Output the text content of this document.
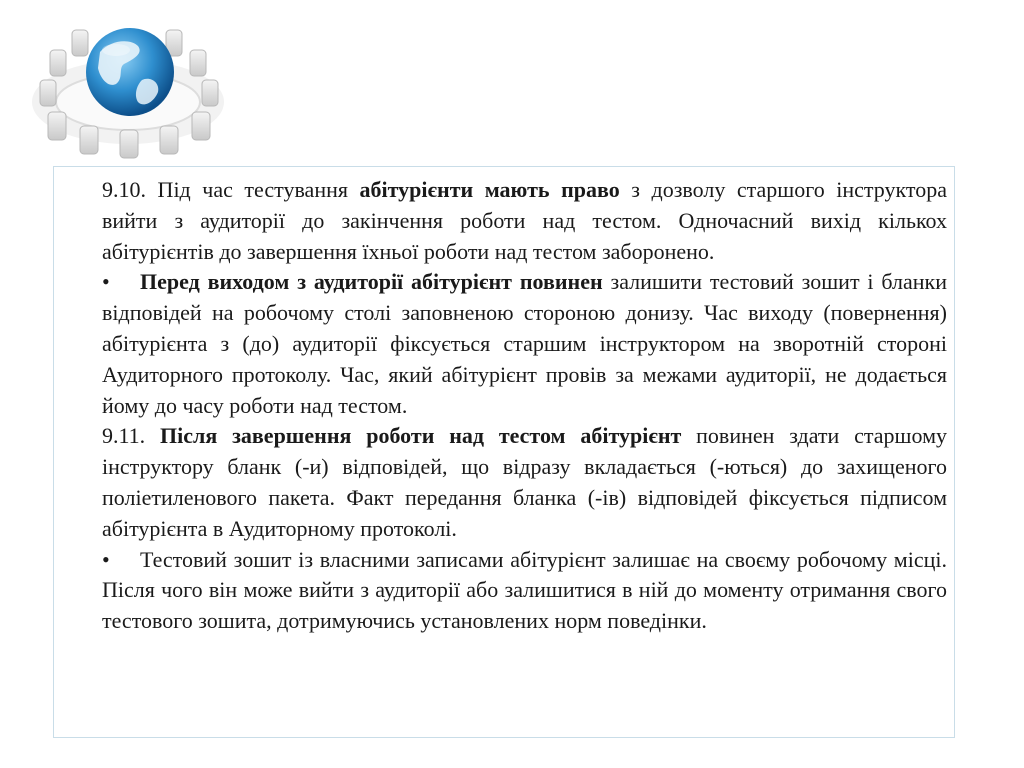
9.10. Під час тестування абітурієнти мають право з дозволу старшого інструктора вийти з аудиторії до закінчення роботи над тестом. Одночасний вихід кількох абітурієнтів до завершення їхньої роботи над тестом заборонено.

• Перед виходом з аудиторії абітурієнт повинен залишити тестовий зошит і бланки відповідей на робочому столі заповненою стороною донизу. Час виходу (повернення) абітурієнта з (до) аудиторії фіксується старшим інструктором на зворотній стороні Аудиторного протоколу. Час, який абітурієнт провів за межами аудиторії, не додається йому до часу роботи над тестом.

9.11. Після завершення роботи над тестом абітурієнт повинен здати старшому інструктору бланк (-и) відповідей, що відразу вкладається (-ються) до захищеного поліетиленового пакета. Факт передання бланка (-ів) відповідей фіксується підписом абітурієнта в Аудиторному протоколі.

• Тестовий зошит із власними записами абітурієнт залишає на своєму робочому місці. Після чого він може вийти з аудиторії або залишитися в ній до моменту отримання свого тестового зошита, дотримуючись установлених норм поведінки.
